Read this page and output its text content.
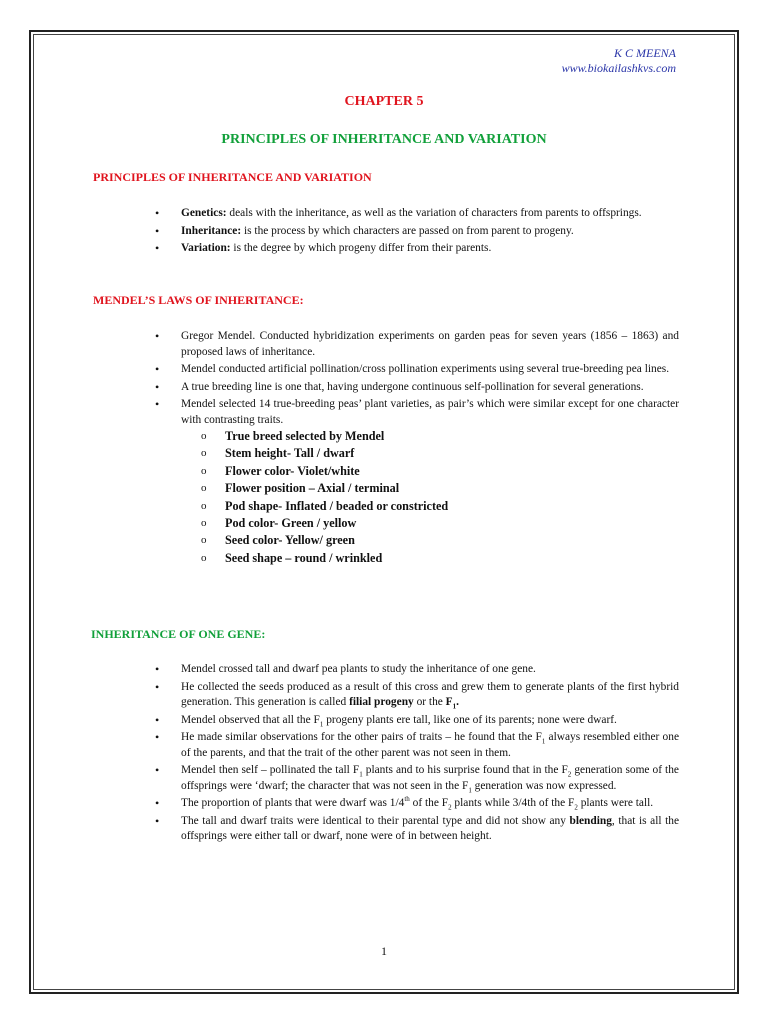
K C MEENA
www.biokailashkvs.com
CHAPTER 5
PRINCIPLES OF INHERITANCE AND VARIATION
PRINCIPLES OF INHERITANCE AND VARIATION
• Genetics: deals with the inheritance, as well as the variation of characters from parents to offsprings.
• Inheritance: is the process by which characters are passed on from parent to progeny.
• Variation: is the degree by which progeny differ from their parents.
MENDEL’S LAWS OF INHERITANCE:
• Gregor Mendel. Conducted hybridization experiments on garden peas for seven years (1856 – 1863) and proposed laws of inheritance.
• Mendel conducted artificial pollination/cross pollination experiments using several true-breeding pea lines.
• A true breeding line is one that, having undergone continuous self-pollination for several generations.
• Mendel selected 14 true-breeding peas’ plant varieties, as pair’s which were similar except for one character with contrasting traits.
o True breed selected by Mendel
o Stem height- Tall / dwarf
o Flower color- Violet/white
o Flower position – Axial / terminal
o Pod shape- Inflated / beaded or constricted
o Pod color- Green / yellow
o Seed color- Yellow/ green
o Seed shape – round / wrinkled
INHERITANCE OF ONE GENE:
• Mendel crossed tall and dwarf pea plants to study the inheritance of one gene.
• He collected the seeds produced as a result of this cross and grew them to generate plants of the first hybrid generation. This generation is called filial progeny or the $F_1$.
• Mendel observed that all the $F_1$ progeny plants ere tall, like one of its parents; none were dwarf.
• He made similar observations for the other pairs of traits – he found that the $F_1$ always resembled either one of the parents, and that the trait of the other parent was not seen in them.
• Mendel then self – pollinated the tall $F_1$ plants and to his surprise found that in the $F_2$ generation some of the offsprings were ‘dwarf; the character that was not seen in the $F_1$ generation was now expressed.
• The proportion of plants that were dwarf was 1/4th of the $F_2$ plants while 3/4th of the $F_2$ plants were tall.
• The tall and dwarf traits were identical to their parental type and did not show any blending, that is all the offsprings were either tall or dwarf, none were of in between height.
1
